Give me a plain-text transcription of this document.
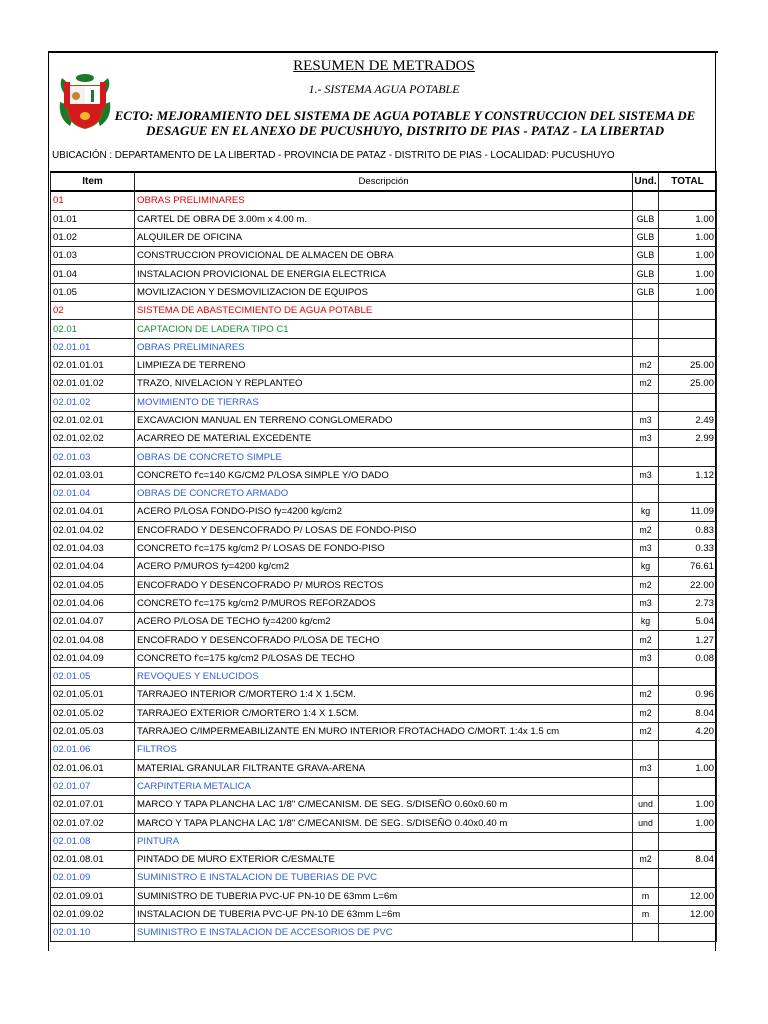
RESUMEN DE METRADOS
1.- SISTEMA AGUA POTABLE
ECTO: MEJORAMIENTO DEL SISTEMA DE AGUA POTABLE Y CONSTRUCCION DEL SISTEMA DE
DESAGUE EN EL ANEXO DE PUCUSHUYO, DISTRITO DE PIAS - PATAZ - LA LIBERTAD
UBICACIÓN : DEPARTAMENTO DE LA LIBERTAD - PROVINCIA DE PATAZ - DISTRITO DE PIAS - LOCALIDAD: PUCUSHUYO
Item	Descripción	Und.	TOTAL
01	OBRAS PRELIMINARES		
01.01	CARTEL DE OBRA DE 3.00m x 4.00 m.	GLB	1.00
01.02	ALQUILER DE OFICINA	GLB	1.00
01.03	CONSTRUCCION PROVICIONAL DE ALMACEN DE OBRA	GLB	1.00
01.04	INSTALACION PROVICIONAL DE ENERGIA ELECTRICA	GLB	1.00
01.05	MOVILIZACION Y DESMOVILIZACION DE EQUIPOS	GLB	1.00
02	SISTEMA DE ABASTECIMIENTO DE AGUA POTABLE		
02.01	CAPTACION DE LADERA TIPO C1		
02.01.01	OBRAS PRELIMINARES		
02.01.01.01	LIMPIEZA DE TERRENO	m2	25.00
02.01.01.02	TRAZO, NIVELACION Y REPLANTEO	m2	25.00
02.01.02	MOVIMIENTO DE TIERRAS		
02.01.02.01	EXCAVACION MANUAL EN TERRENO CONGLOMERADO	m3	2.49
02.01.02.02	ACARREO DE MATERIAL EXCEDENTE	m3	2.99
02.01.03	OBRAS DE CONCRETO SIMPLE		
02.01.03.01	CONCRETO f'c=140 KG/CM2 P/LOSA SIMPLE Y/O DADO	m3	1.12
02.01.04	OBRAS DE CONCRETO ARMADO		
02.01.04.01	ACERO P/LOSA FONDO-PISO fy=4200 kg/cm2	kg	11.09
02.01.04.02	ENCOFRADO Y DESENCOFRADO P/ LOSAS DE FONDO-PISO	m2	0.83
02.01.04.03	CONCRETO f'c=175 kg/cm2 P/ LOSAS DE FONDO-PISO	m3	0.33
02.01.04.04	ACERO P/MUROS fy=4200 kg/cm2	kg	76.61
02.01.04.05	ENCOFRADO Y DESENCOFRADO P/ MUROS RECTOS	m2	22.00
02.01.04.06	CONCRETO f'c=175 kg/cm2 P/MUROS REFORZADOS	m3	2.73
02.01.04.07	ACERO P/LOSA DE TECHO fy=4200 kg/cm2	kg	5.04
02.01.04.08	ENCOFRADO Y DESENCOFRADO P/LOSA DE TECHO	m2	1.27
02.01.04.09	CONCRETO f'c=175 kg/cm2 P/LOSAS DE TECHO	m3	0.08
02.01.05	REVOQUES Y ENLUCIDOS		
02.01.05.01	TARRAJEO INTERIOR C/MORTERO 1:4 X 1.5CM.	m2	0.96
02.01.05.02	TARRAJEO EXTERIOR C/MORTERO 1:4 X 1.5CM.	m2	8.04
02.01.05.03	TARRAJEO C/IMPERMEABILIZANTE EN MURO INTERIOR FROTACHADO C/MORT. 1:4x 1.5 cm	m2	4.20
02.01.06	FILTROS		
02.01.06.01	MATERIAL GRANULAR FILTRANTE GRAVA-ARENA	m3	1.00
02.01.07	CARPINTERIA METALICA		
02.01.07.01	MARCO Y TAPA PLANCHA LAC 1/8" C/MECANISM. DE SEG. S/DISEÑO 0.60x0.60 m	und	1.00
02.01.07.02	MARCO Y TAPA PLANCHA LAC 1/8" C/MECANISM. DE SEG. S/DISEÑO 0.40x0.40 m	und	1.00
02.01.08	PINTURA		
02.01.08.01	PINTADO DE MURO EXTERIOR C/ESMALTE	m2	8.04
02.01.09	SUMINISTRO E INSTALACION DE TUBERIAS DE PVC		
02.01.09.01	SUMINISTRO DE TUBERIA PVC-UF PN-10 DE 63mm L=6m	m	12.00
02.01.09.02	INSTALACION DE TUBERIA PVC-UF PN-10 DE 63mm L=6m	m	12.00
02.01.10	SUMINISTRO E INSTALACION DE ACCESORIOS DE PVC		
